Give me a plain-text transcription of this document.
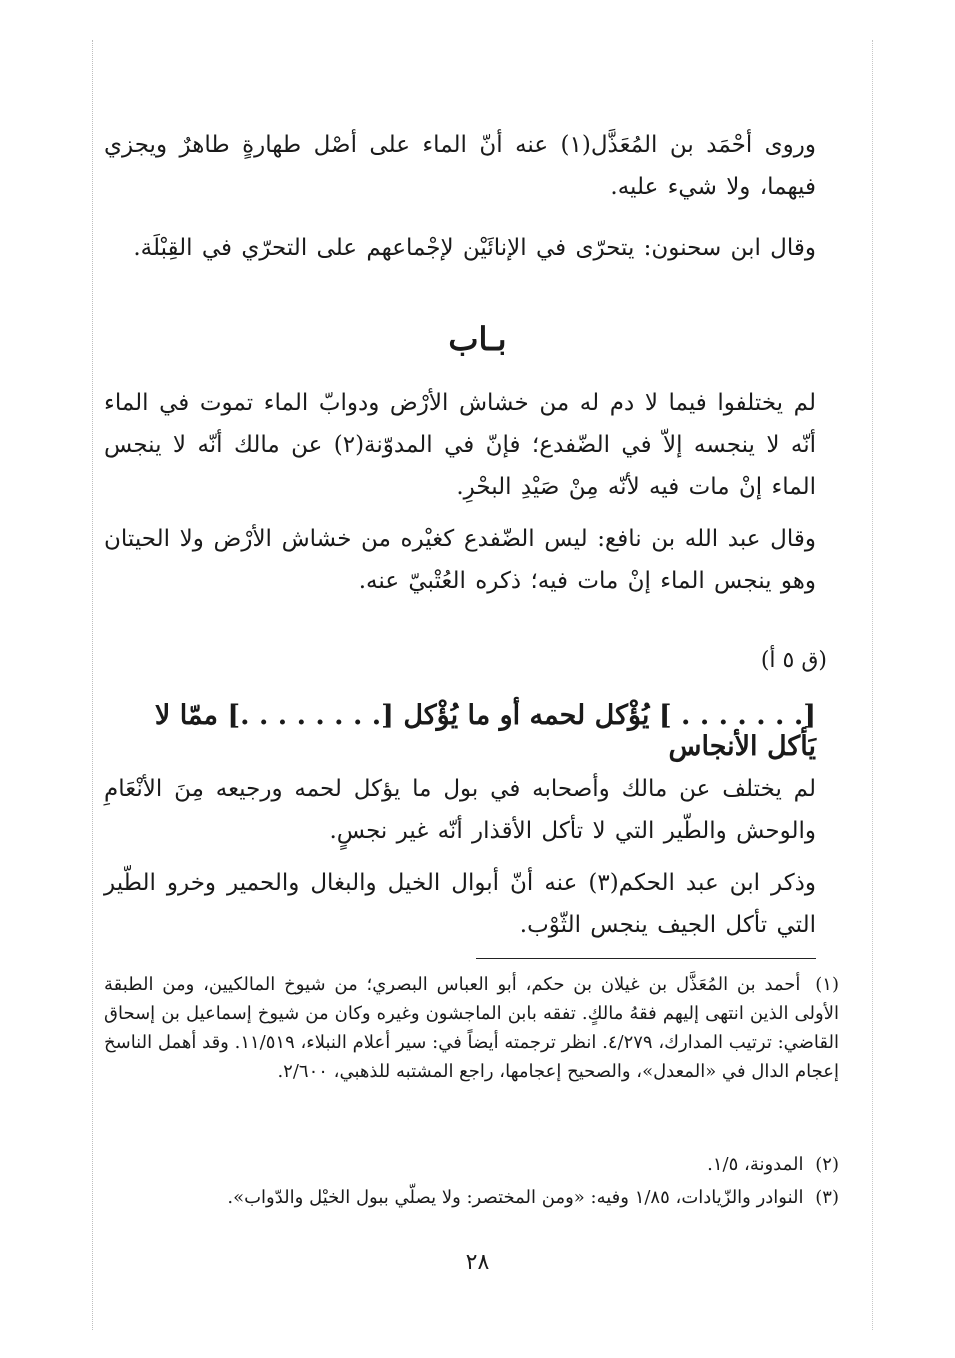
وروى أحْمَد بن المُعَذَّل(١) عنه أنّ الماء على أصْل طهارةٍ طاهرٌ ويجزي فيهما، ولا شيء عليه.

وقال ابن سحنون: يتحرّى في الإنائَيْن لإجْماعهم على التحرّي في القِبْلَة.

بـاب

لم يختلفوا فيما لا دم له من خشاش الأرْض ودوابّ الماء تموت في الماء أنّه لا ينجسه إلاّ في الضّفدع؛ فإنّ في المدوّنة(٢) عن مالك أنّه لا ينجس الماء إنْ مات فيه لأنّه مِنْ صَيْدِ البحْرِ.

وقال عبد الله بن نافع: ليس الضّفدع كغيْره من خشاش الأرْض ولا الحيتان وهو ينجس الماء إنْ مات فيه؛ ذكره العُتْبيّ عنه.

(ق ٥ أ)
[. . . . . . . ] يُؤْكل لحمه أو ما يُؤْكل [. . . . . . . .] ممّا لا يَأكل الأنجاس

لم يختلف عن مالك وأصحابه في بول ما يؤكل لحمه ورجيعه مِنَ الأنْعَامِ والوحش والطّير التي لا تأكل الأقذار أنّه غير نجسٍ.

وذكر ابن عبد الحكم(٣) عنه أنّ أبوال الخيل والبغال والحمير وخرو الطّير التي تأكل الجيف ينجس الثّوْب.

(١) أحمد بن المُعَذَّل بن غيلان بن حكم، أبو العباس البصري؛ من شيوخ المالكيين، ومن الطبقة الأولى الذين انتهى إليهم فقهُ مالكٍ. تفقه بابن الماجشون وغيره وكان من شيوخ إسماعيل بن إسحاق القاضي: ترتيب المدارك، ٤/٢٧٩. انظر ترجمته أيضاً في: سير أعلام النبلاء، ١١/٥١٩. وقد أهمل الناسخ إعجام الدال في «المعدل»، والصحيح إعجامها، راجع المشتبه للذهبي، ٢/٦٠٠.

(٢) المدونة، ١/٥.

(٣) النوادر والزّيادات، ١/٨٥ وفيه: «ومن المختصر: ولا يصلّي ببول الخيْل والدّواب».

٢٨
